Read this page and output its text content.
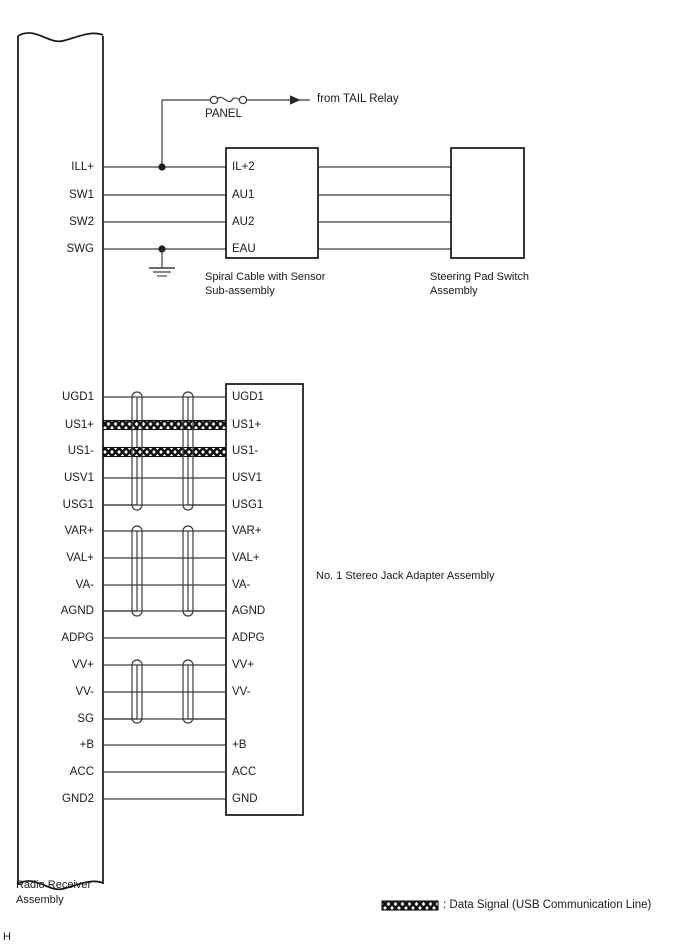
ILL+
SW1
SW2
SWG
IL+2
AU1
AU2
EAU
PANEL
from TAIL Relay
Spiral Cable with Sensor
Sub-assembly
Steering Pad Switch
Assembly
UGD1
US1+
US1-
USV1
USG1
VAR+
VAL+
VA-
AGND
ADPG
VV+
VV-
SG
+B
ACC
GND2
UGD1
US1+
US1-
USV1
USG1
VAR+
VAL+
VA-
AGND
ADPG
VV+
VV-
+B
ACC
GND
No. 1 Stereo Jack Adapter Assembly
Radio Receiver
Assembly	: Data Signal (USB Communication Line)
H
